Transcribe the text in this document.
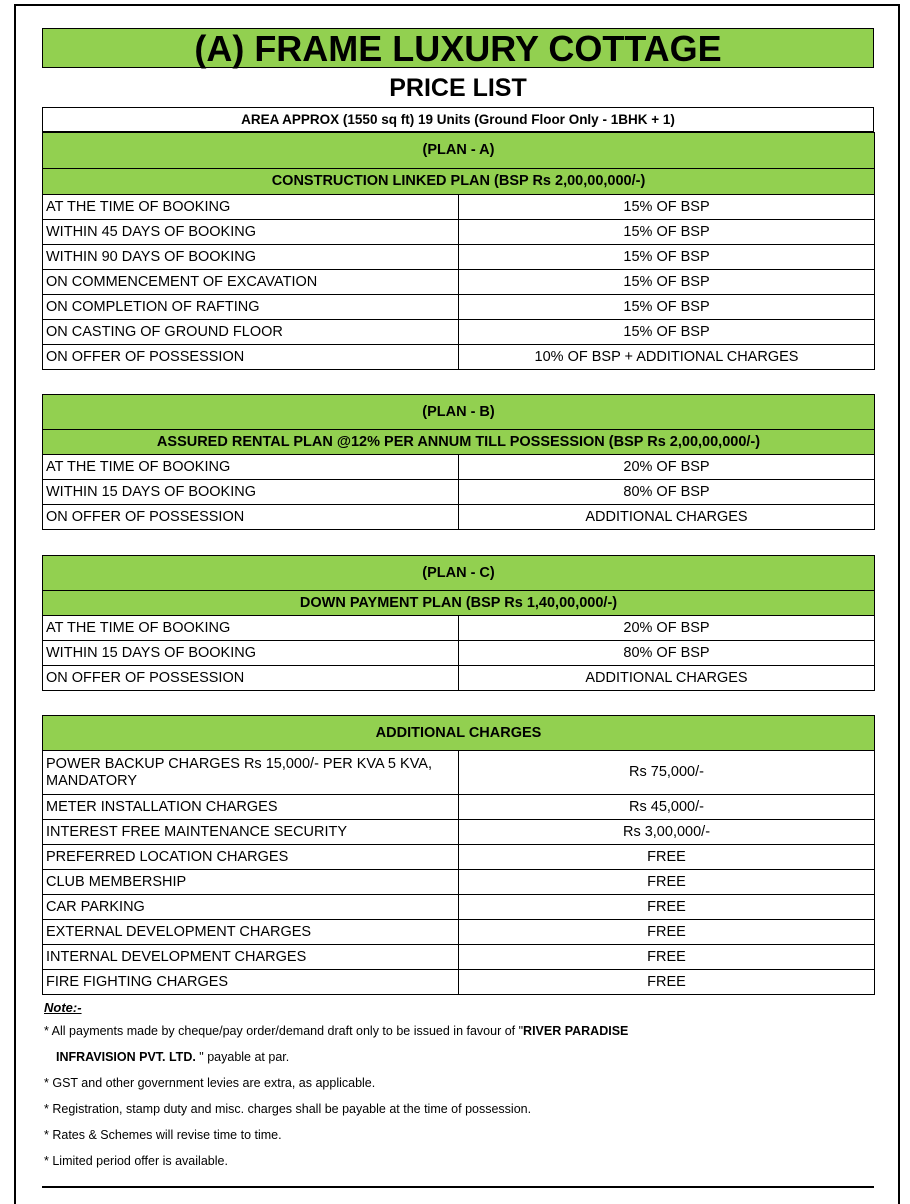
(A) FRAME LUXURY COTTAGE
PRICE LIST
AREA APPROX (1550 sq ft) 19 Units (Ground Floor Only - 1BHK + 1)
(PLAN - A)	
CONSTRUCTION LINKED PLAN (BSP Rs 2,00,00,000/-)	
AT THE TIME OF BOOKING	15% OF BSP
WITHIN 45 DAYS OF BOOKING	15% OF BSP
WITHIN 90 DAYS OF BOOKING	15% OF BSP
ON COMMENCEMENT OF EXCAVATION	15% OF BSP
ON COMPLETION OF RAFTING	15% OF BSP
ON CASTING OF GROUND FLOOR	15% OF BSP
ON OFFER OF POSSESSION	10% OF BSP + ADDITIONAL CHARGES
(PLAN - B)	
ASSURED RENTAL PLAN @12% PER ANNUM TILL POSSESSION (BSP Rs 2,00,00,000/-)	
AT THE TIME OF BOOKING	20% OF BSP
WITHIN 15 DAYS OF BOOKING	80% OF BSP
ON OFFER OF POSSESSION	ADDITIONAL CHARGES
(PLAN - C)	
DOWN PAYMENT PLAN (BSP Rs 1,40,00,000/-)	
AT THE TIME OF BOOKING	20% OF BSP
WITHIN 15 DAYS OF BOOKING	80% OF BSP
ON OFFER OF POSSESSION	ADDITIONAL CHARGES
ADDITIONAL CHARGES	

POWER BACKUP CHARGES Rs 15,000/- PER KVA 5 KVA,
MANDATORY	Rs 75,000/-
METER INSTALLATION CHARGES	Rs 45,000/-
INTEREST FREE MAINTENANCE SECURITY	Rs 3,00,000/-
PREFERRED LOCATION CHARGES	FREE
CLUB MEMBERSHIP	FREE
CAR PARKING	FREE
EXTERNAL DEVELOPMENT CHARGES	FREE
INTERNAL DEVELOPMENT CHARGES	FREE
FIRE FIGHTING CHARGES	FREE
Note:-
* All payments made by cheque/pay order/demand draft only to be issued in favour of "RIVER PARADISE
INFRAVISION PVT. LTD. " payable at par.
* GST and other government levies are extra, as applicable.
* Registration, stamp duty and misc. charges shall be payable at the time of possession.
* Rates & Schemes will revise time to time.
* Limited period offer is available.
